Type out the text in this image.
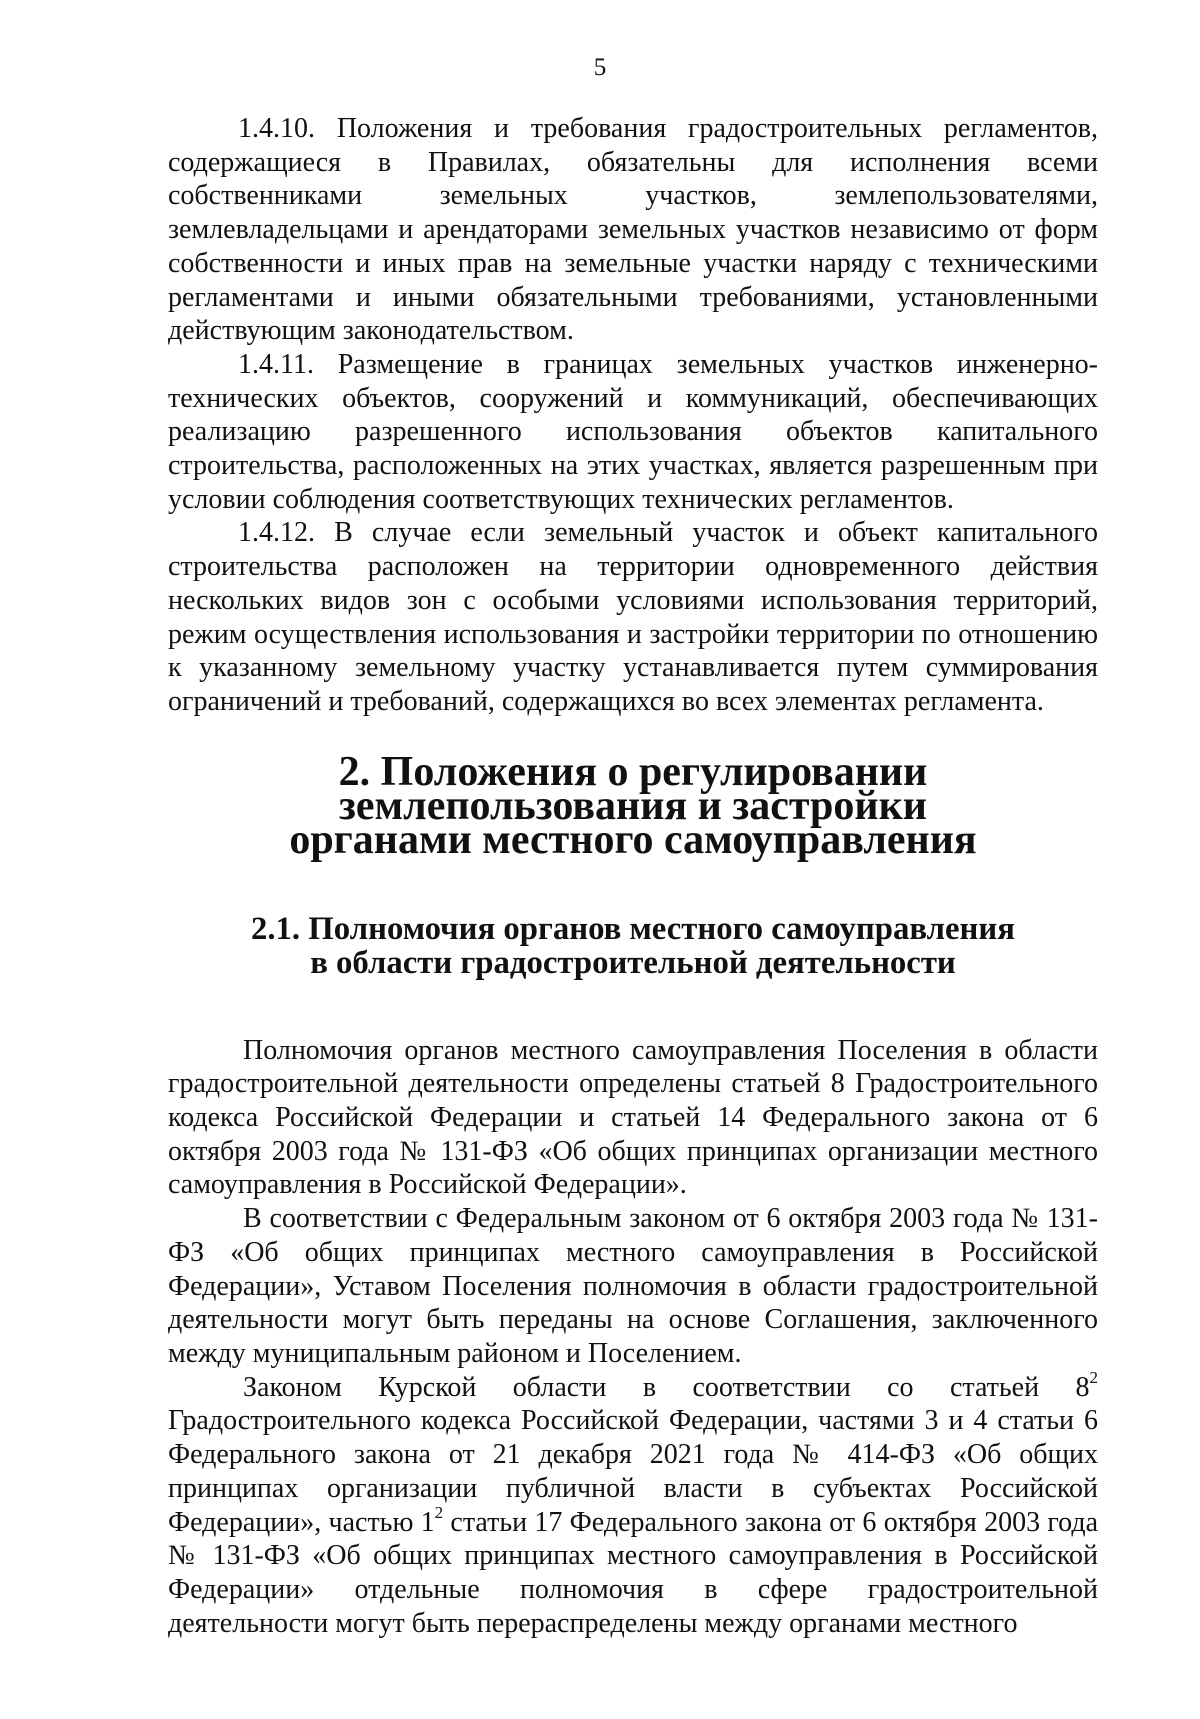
5

1.4.10. Положения и требования градостроительных регламентов, содержащиеся в Правилах, обязательны для исполнения всеми собственниками земельных участков, землепользователями, землевладельцами и арендаторами земельных участков независимо от форм собственности и иных прав на земельные участки наряду с техническими регламентами и иными обязательными требованиями, установленными действующим законодательством.

1.4.11. Размещение в границах земельных участков инженерно-технических объектов, сооружений и коммуникаций, обеспечивающих реализацию разрешенного использования объектов капитального строительства, расположенных на этих участках, является разрешенным при условии соблюдения соответствующих технических регламентов.

1.4.12. В случае если земельный участок и объект капитального строительства расположен на территории одновременного действия нескольких видов зон с особыми условиями использования территорий, режим осуществления использования и застройки территории по отношению к указанному земельному участку устанавливается путем суммирования ограничений и требований, содержащихся во всех элементах регламента.

2. Положения о регулировании землепользования и застройки
органами местного самоуправления
2.1. Полномочия органов местного самоуправления
в области градостроительной деятельности

Полномочия органов местного самоуправления Поселения в области градостроительной деятельности определены статьей 8 Градостроительного кодекса Российской Федерации и статьей 14 Федерального закона от 6 октября 2003 года № 131-ФЗ «Об общих принципах организации местного самоуправления в Российской Федерации».

В соответствии с Федеральным законом от 6 октября 2003 года № 131-ФЗ «Об общих принципах местного самоуправления в Российской Федерации», Уставом Поселения полномочия в области градостроительной деятельности могут быть переданы на основе Соглашения, заключенного между муниципальным районом и Поселением.

Законом Курской области в соответствии со статьей $8^2$ Градостроительного кодекса Российской Федерации, частями 3 и 4 статьи 6 Федерального закона от 21 декабря 2021 года № 414-ФЗ «Об общих принципах организации публичной власти в субъектах Российской Федерации», частью $1^2$ статьи 17 Федерального закона от 6 октября 2003 года № 131-ФЗ «Об общих принципах местного самоуправления в Российской Федерации» отдельные полномочия в сфере градостроительной деятельности могут быть перераспределены между органами местного
